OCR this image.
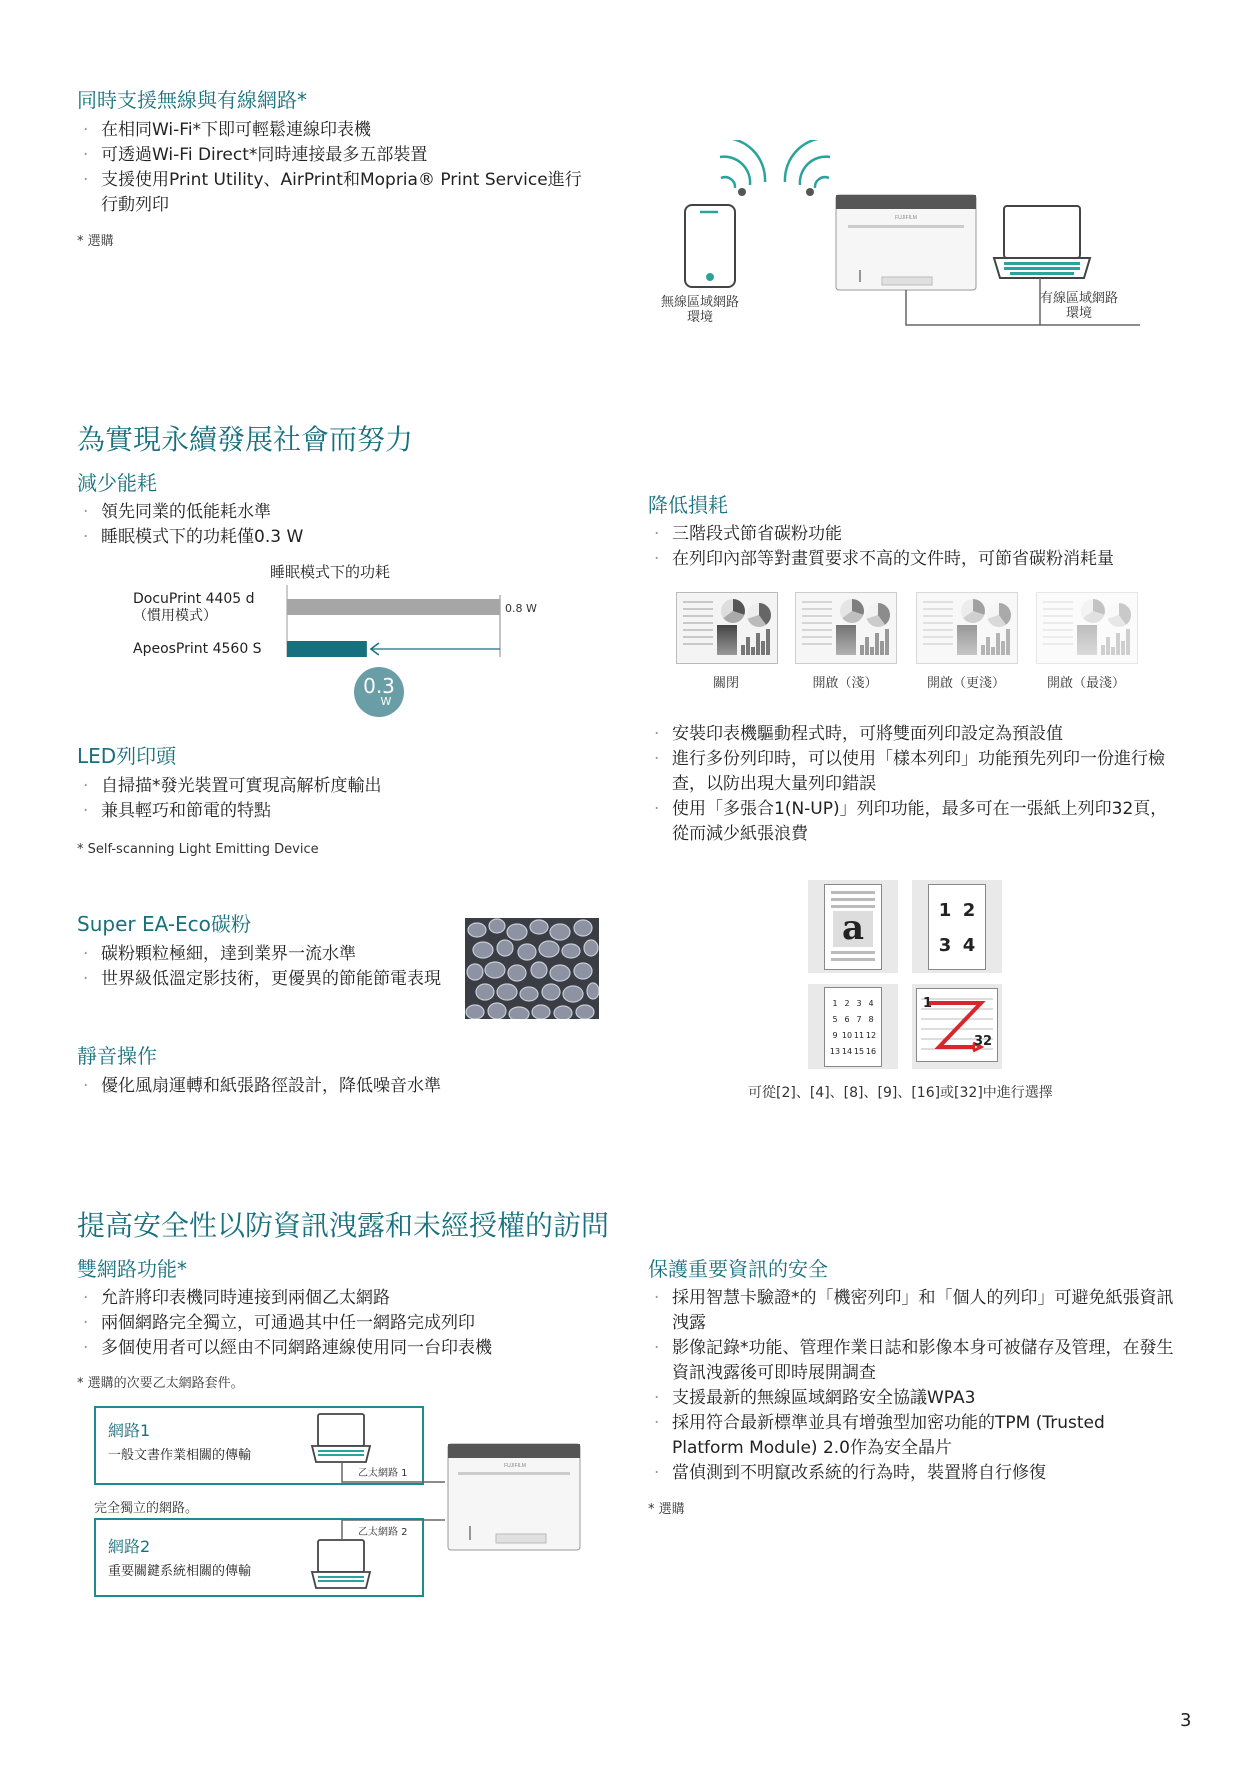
同時支援無線與有線網路*
· 在相同Wi-Fi*下即可輕鬆連線印表機
· 可透過Wi-Fi Direct*同時連接最多五部裝置
· 支援使用Print Utility、AirPrint和Mopria® Print Service進行行動列印
* 選購
FUJIFILM
無線區域網路環境
有線區域網路環境
為實現永續發展社會而努力
減少能耗
· 領先同業的低能耗水準
· 睡眠模式下的功耗僅0.3 W
睡眠模式下的功耗
DocuPrint 4405 d
（慣用模式）
ApeosPrint 4560 S
0.8 W
0.3
W
LED列印頭
· 自掃描*發光裝置可實現高解析度輸出
· 兼具輕巧和節電的特點
* Self-scanning Light Emitting Device
Super EA-Eco碳粉
· 碳粉顆粒極細，達到業界一流水準
· 世界級低溫定影技術，更優異的節能節電表現
靜音操作
· 優化風扇運轉和紙張路徑設計，降低噪音水準
降低損耗
· 三階段式節省碳粉功能
· 在列印內部等對畫質要求不高的文件時，可節省碳粉消耗量
關閉	開啟（淺）	開啟（更淺）	開啟（最淺）
· 安裝印表機驅動程式時，可將雙面列印設定為預設值
· 進行多份列印時，可以使用「樣本列印」功能預先列印一份進行檢查，以防出現大量列印錯誤
· 使用「多張合1(N-UP)」列印功能，最多可在一張紙上列印32頁，從而減少紙張浪費
a	1 2
3 4
1 2 3 4
5 6 7 8
9 10 11 12
13 14 15 16
1
32
可從[2]、[4]、[8]、[9]、[16]或[32]中進行選擇
提高安全性以防資訊洩露和未經授權的訪問
雙網路功能*
· 允許將印表機同時連接到兩個乙太網路
· 兩個網路完全獨立，可通過其中任一網路完成列印
· 多個使用者可以經由不同網路連線使用同一台印表機
* 選購的次要乙太網路套件。
網路1
一般文書作業相關的傳輸
完全獨立的網路。
網路2
重要關鍵系統相關的傳輸
乙太網路 1
乙太網路 2
FUJIFILM
保護重要資訊的安全
· 採用智慧卡驗證*的「機密列印」和「個人的列印」可避免紙張資訊洩露
· 影像記錄*功能、管理作業日誌和影像本身可被儲存及管理，在發生資訊洩露後可即時展開調查
· 支援最新的無線區域網路安全協議WPA3
· 採用符合最新標準並具有增強型加密功能的TPM (Trusted Platform Module) 2.0作為安全晶片
· 當偵測到不明竄改系統的行為時，裝置將自行修復
* 選購
3
